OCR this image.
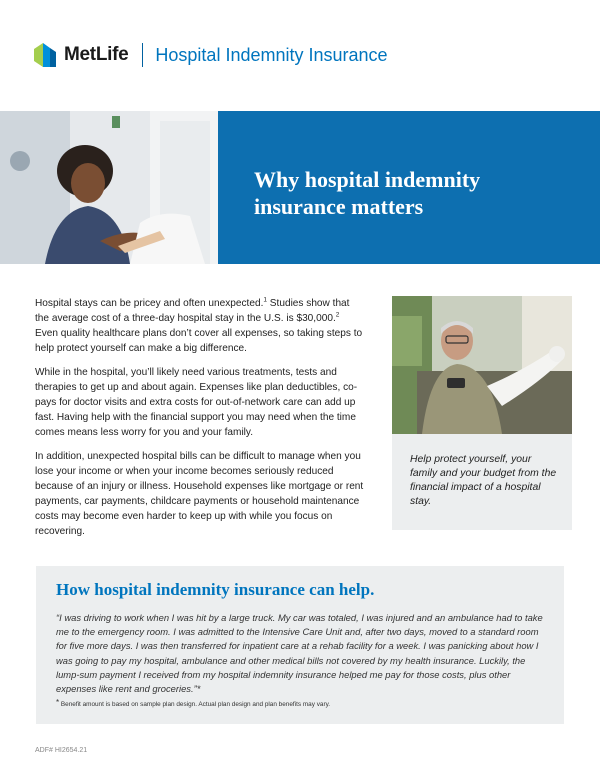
MetLife Hospital Indemnity Insurance
Why hospital indemnity insurance matters

Hospital stays can be pricey and often unexpected.$^1$ Studies show that the average cost of a three-day hospital stay in the U.S. is $30,000.$^2$ Even quality healthcare plans don’t cover all expenses, so taking steps to help protect yourself can make a big difference.

While in the hospital, you’ll likely need various treatments, tests and therapies to get up and about again. Expenses like plan deductibles, co-pays for doctor visits and extra costs for out-of-network care can add up fast. Having help with the financial support you may need when the time comes means less worry for you and your family.

In addition, unexpected hospital bills can be difficult to manage when you lose your income or when your income becomes seriously reduced because of an injury or illness. Household expenses like mortgage or rent payments, car payments, childcare payments or household maintenance costs may become even harder to keep up with while you focus on recovering.

Help protect yourself, your family and your budget from the financial impact of a hospital stay.

How hospital indemnity insurance can help.

“I was driving to work when I was hit by a large truck. My car was totaled, I was injured and an ambulance had to take me to the emergency room. I was admitted to the Intensive Care Unit and, after two days, moved to a standard room for five more days. I was then transferred for inpatient care at a rehab facility for a week. I was panicking about how I was going to pay my hospital, ambulance and other medical bills not covered by my health insurance. Luckily, the lump-sum payment I received from my hospital indemnity insurance helped me pay for those costs, plus other expenses like rent and groceries.”*

* Benefit amount is based on sample plan design. Actual plan design and plan benefits may vary.

ADF# HI2654.21
